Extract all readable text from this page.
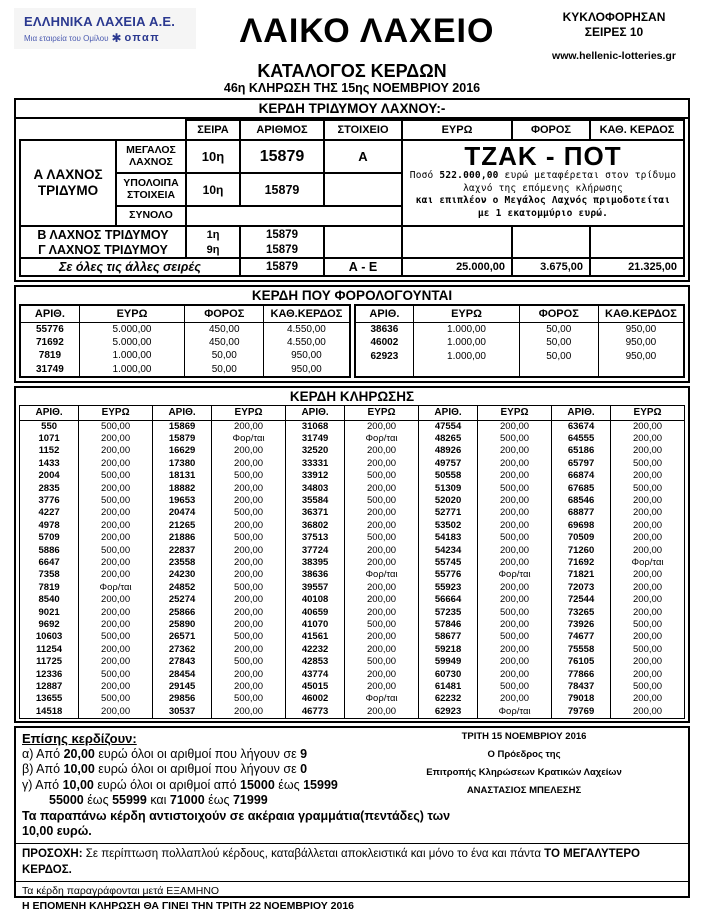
ΕΛΛΗΝΙΚΑ ΛΑΧΕΙΑ Α.Ε.
Μια εταιρεία του Ομίλου ✱ οπαπ	ΛΑΙΚΟ ΛΑΧΕΙΟ	ΚΥΚΛΟΦΟΡΗΣΑΝ
ΣΕΙΡΕΣ 10
www.hellenic-lotteries.gr
ΚΑΤΑΛΟΓΟΣ ΚΕΡΔΩΝ
46η ΚΛΗΡΩΣΗ ΤΗΣ 15ης ΝΟΕΜΒΡΙΟΥ 2016
ΚΕΡΔΗ ΤΡΙΔΥΜΟΥ ΛΑΧΝΟΥ:-
		ΣΕΙΡΑ	ΑΡΙΘΜΟΣ	ΣΤΟΙΧΕΙΟ	ΕΥΡΩ	ΦΟΡΟΣ	ΚΑΘ. ΚΕΡΔΟΣ
Α ΛΑΧΝΟΣ
ΤΡΙΔΥΜΟ	ΜΕΓΑΛΟΣ ΛΑΧΝΟΣ	10η	15879	Α	ΤΖΑΚ - ΠΟΤ
Ποσό 522.000,00 ευρώ μεταφέρεται στον τρίδυμο
λαχνό της επόμενης κλήρωσης
και επιπλέον ο Μεγάλος Λαχνός πριμοδοτείται
με 1 εκατομμύριο ευρώ.

	ΥΠΟΛΟΙΠΑ ΣΤΟΙΧΕΙΑ	10η	15879				
	ΣΥΝΟΛΟ						
Β ΛΑΧΝΟΣ ΤΡΙΔΥΜΟΥ		1η	15879				
Γ ΛΑΧΝΟΣ ΤΡΙΔΥΜΟΥ		9η	15879				
Σε όλες τις άλλες σειρές			15879	Α - Ε	25.000,00	3.675,00	21.325,00
ΚΕΡΔΗ ΠΟΥ ΦΟΡΟΛΟΓΟΥΝΤΑΙ
ΑΡΙΘ.	ΕΥΡΩ	ΦΟΡΟΣ	ΚΑΘ.ΚΕΡΔΟΣ
55776	5.000,00	450,00	4.550,00
71692	5.000,00	450,00	4.550,00
7819	1.000,00	50,00	950,00
31749	1.000,00	50,00	950,00
ΑΡΙΘ.	ΕΥΡΩ	ΦΟΡΟΣ	ΚΑΘ.ΚΕΡΔΟΣ
38636	1.000,00	50,00	950,00
46002	1.000,00	50,00	950,00
62923	1.000,00	50,00	950,00

ΚΕΡΔΗ ΚΛΗΡΩΣΗΣ
ΑΡΙΘ.	ΕΥΡΩ	ΑΡΙΘ.	ΕΥΡΩ	ΑΡΙΘ.	ΕΥΡΩ	ΑΡΙΘ.	ΕΥΡΩ	ΑΡΙΘ.	ΕΥΡΩ
550	500,00	15869	200,00	31068	200,00	47554	200,00	63674	200,00
1071	200,00	15879	Φορ/ται	31749	Φορ/ται	48265	500,00	64555	200,00
1152	200,00	16629	200,00	32520	200,00	48926	200,00	65186	200,00
1433	200,00	17380	200,00	33331	200,00	49757	200,00	65797	500,00
2004	500,00	18131	500,00	33912	500,00	50558	200,00	66874	200,00
2835	200,00	18882	200,00	34803	200,00	51309	500,00	67685	500,00
3776	500,00	19653	200,00	35584	500,00	52020	200,00	68546	200,00
4227	200,00	20474	500,00	36371	200,00	52771	200,00	68877	200,00
4978	200,00	21265	200,00	36802	200,00	53502	200,00	69698	200,00
5709	200,00	21886	500,00	37513	500,00	54183	500,00	70509	200,00
5886	500,00	22837	200,00	37724	200,00	54234	200,00	71260	200,00
6647	200,00	23558	200,00	38395	200,00	55745	200,00	71692	Φορ/ται
7358	200,00	24230	200,00	38636	Φορ/ται	55776	Φορ/ται	71821	200,00
7819	Φορ/ται	24852	500,00	39557	200,00	55923	200,00	72073	200,00
8540	200,00	25274	200,00	40108	200,00	56664	200,00	72544	200,00
9021	200,00	25866	200,00	40659	200,00	57235	500,00	73265	200,00
9692	200,00	25890	200,00	41070	500,00	57846	200,00	73926	500,00
10603	500,00	26571	500,00	41561	200,00	58677	500,00	74677	200,00
11254	200,00	27362	200,00	42232	200,00	59218	200,00	75558	500,00
11725	200,00	27843	500,00	42853	500,00	59949	200,00	76105	200,00
12336	500,00	28454	200,00	43774	200,00	60730	200,00	77866	200,00
12887	200,00	29145	200,00	45015	200,00	61481	500,00	78437	500,00
13655	500,00	29856	500,00	46002	Φορ/ται	62232	200,00	79018	200,00
14518	200,00	30537	200,00	46773	200,00	62923	Φορ/ται	79769	200,00
Επίσης κερδίζουν:
α) Από 20,00 ευρώ όλοι οι αριθμοί που λήγουν σε 9
β) Από 10,00 ευρώ όλοι οι αριθμοί που λήγουν σε 0
γ) Από 10,00 ευρώ όλοι οι αριθμοί από 15000 έως 15999
55000 έως 55999 και 71000 έως 71999
Τα παραπάνω κέρδη αντιστοιχούν σε ακέραια γραμμάτια(πεντάδες) των
10,00 ευρώ.
ΠΡΟΣΟΧΗ: Σε περίπτωση πολλαπλού κέρδους, καταβάλλεται αποκλειστικά και μόνο το ένα και πάντα ΤΟ ΜΕΓΑΛΥΤΕΡΟ ΚΕΡΔΟΣ.
Τα κέρδη παραγράφονται μετά ΕΞΑΜΗΝΟ
Η ΕΠΟΜΕΝΗ ΚΛΗΡΩΣΗ ΘΑ ΓΙΝΕΙ ΤΗΝ ΤΡΙΤΗ 22 ΝΟΕΜΒΡΙΟΥ 2016
ΤΡΙΤΗ 15 ΝΟΕΜΒΡΙΟΥ 2016
Ο Πρόεδρος της
Επιτροπής Κληρώσεων Κρατικών Λαχείων
ΑΝΑΣΤΑΣΙΟΣ ΜΠΕΛΕΣΗΣ
